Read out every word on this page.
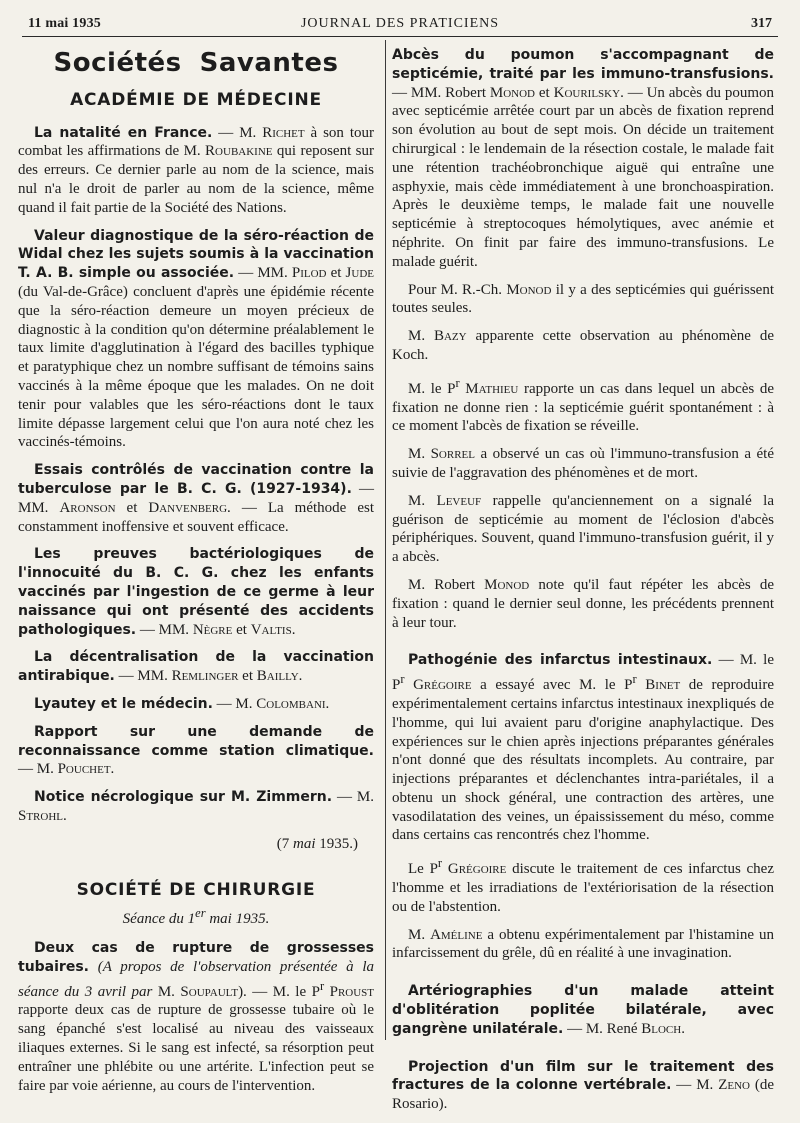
11 mai 1935	JOURNAL DES PRATICIENS	317
Sociétés Savantes
ACADÉMIE DE MÉDECINE

La natalité en France. — M. Richet à son tour combat les affirmations de M. Roubakine qui reposent sur des erreurs. Ce dernier parle au nom de la science, mais nul n'a le droit de parler au nom de la science, même quand il fait partie de la Société des Nations.

Valeur diagnostique de la séro-réaction de Widal chez les sujets soumis à la vaccination T. A. B. simple ou associée. — MM. Pilod et Jude (du Val-de-Grâce) concluent d'après une épidémie récente que la séro-réaction demeure un moyen précieux de diagnostic à la condition qu'on détermine préalablement le taux limite d'agglutination à l'égard des bacilles typhique et paratyphique chez un nombre suffisant de témoins sains vaccinés à la même époque que les malades. On ne doit tenir pour valables que les séro-réactions dont le taux limite dépasse largement celui que l'on aura noté chez les vaccinés-témoins.

Essais contrôlés de vaccination contre la tuberculose par le B. C. G. (1927-1934). — MM. Aronson et Danvenberg. — La méthode est constamment inoffensive et souvent efficace.

Les preuves bactériologiques de l'innocuité du B. C. G. chez les enfants vaccinés par l'ingestion de ce germe à leur naissance qui ont présenté des accidents pathologiques. — MM. Nègre et Valtis.

La décentralisation de la vaccination antirabique. — MM. Remlinger et Bailly.

Lyautey et le médecin. — M. Colombani.

Rapport sur une demande de reconnaissance comme station climatique. — M. Pouchet.

Notice nécrologique sur M. Zimmern. — M. Strohl.

(7 mai 1935.)
SOCIÉTÉ DE CHIRURGIE
Séance du 1er mai 1935.

Deux cas de rupture de grossesses tubaires. (A propos de l'observation présentée à la séance du 3 avril par M. Soupault). — M. le $P^r$ Proust rapporte deux cas de rupture de grossesse tubaire où le sang épanché s'est localisé au niveau des vaisseaux iliaques externes. Si le sang est infecté, sa résorption peut entraîner une phlébite ou une artérite. L'infection peut se faire par voie aérienne, au cours de l'intervention.

Abcès du poumon s'accompagnant de septicémie, traité par les immuno-transfusions. — MM. Robert Monod et Kourilsky. — Un abcès du poumon avec septicémie arrêtée court par un abcès de fixation reprend son évolution au bout de sept mois. On décide un traitement chirurgical : le lendemain de la résection costale, le malade fait une rétention trachéobronchique aiguë qui entraîne une asphyxie, mais cède immédiatement à une bronchoaspiration. Après le deuxième temps, le malade fait une nouvelle septicémie à streptocoques hémolytiques, avec anémie et néphrite. On finit par faire des immuno-transfusions. Le malade guérit.

Pour M. R.-Ch. Monod il y a des septicémies qui guérissent toutes seules.

M. Bazy apparente cette observation au phénomène de Koch.

M. le $P^r$ Mathieu rapporte un cas dans lequel un abcès de fixation ne donne rien : la septicémie guérit spontanément : à ce moment l'abcès de fixation se réveille.

M. Sorrel a observé un cas où l'immuno-transfusion a été suivie de l'aggravation des phénomènes et de mort.

M. Leveuf rappelle qu'anciennement on a signalé la guérison de septicémie au moment de l'éclosion d'abcès périphériques. Souvent, quand l'immuno-transfusion guérit, il y a abcès.

M. Robert Monod note qu'il faut répéter les abcès de fixation : quand le dernier seul donne, les précédents prennent à leur tour.

Pathogénie des infarctus intestinaux. — M. le $P^r$ Grégoire a essayé avec M. le $P^r$ Binet de reproduire expérimentalement certains infarctus intestinaux inexpliqués de l'homme, qui lui avaient paru d'origine anaphylactique. Des expériences sur le chien après injections préparantes générales n'ont donné que des résultats incomplets. Au contraire, par injections préparantes et déclenchantes intra-pariétales, il a obtenu un shock général, une contraction des artères, une vasodilatation des veines, un épaississement du méso, comme dans certains cas rencontrés chez l'homme.

Le $P^r$ Grégoire discute le traitement de ces infarctus chez l'homme et les irradiations de l'extériorisation de la résection ou de l'abstention.

M. Améline a obtenu expérimentalement par l'histamine un infarcissement du grêle, dû en réalité à une invagination.

Artériographies d'un malade atteint d'oblitération poplitée bilatérale, avec gangrène unilatérale. — M. René Bloch.

Projection d'un film sur le traitement des fractures de la colonne vertébrale. — M. Zeno (de Rosario).
